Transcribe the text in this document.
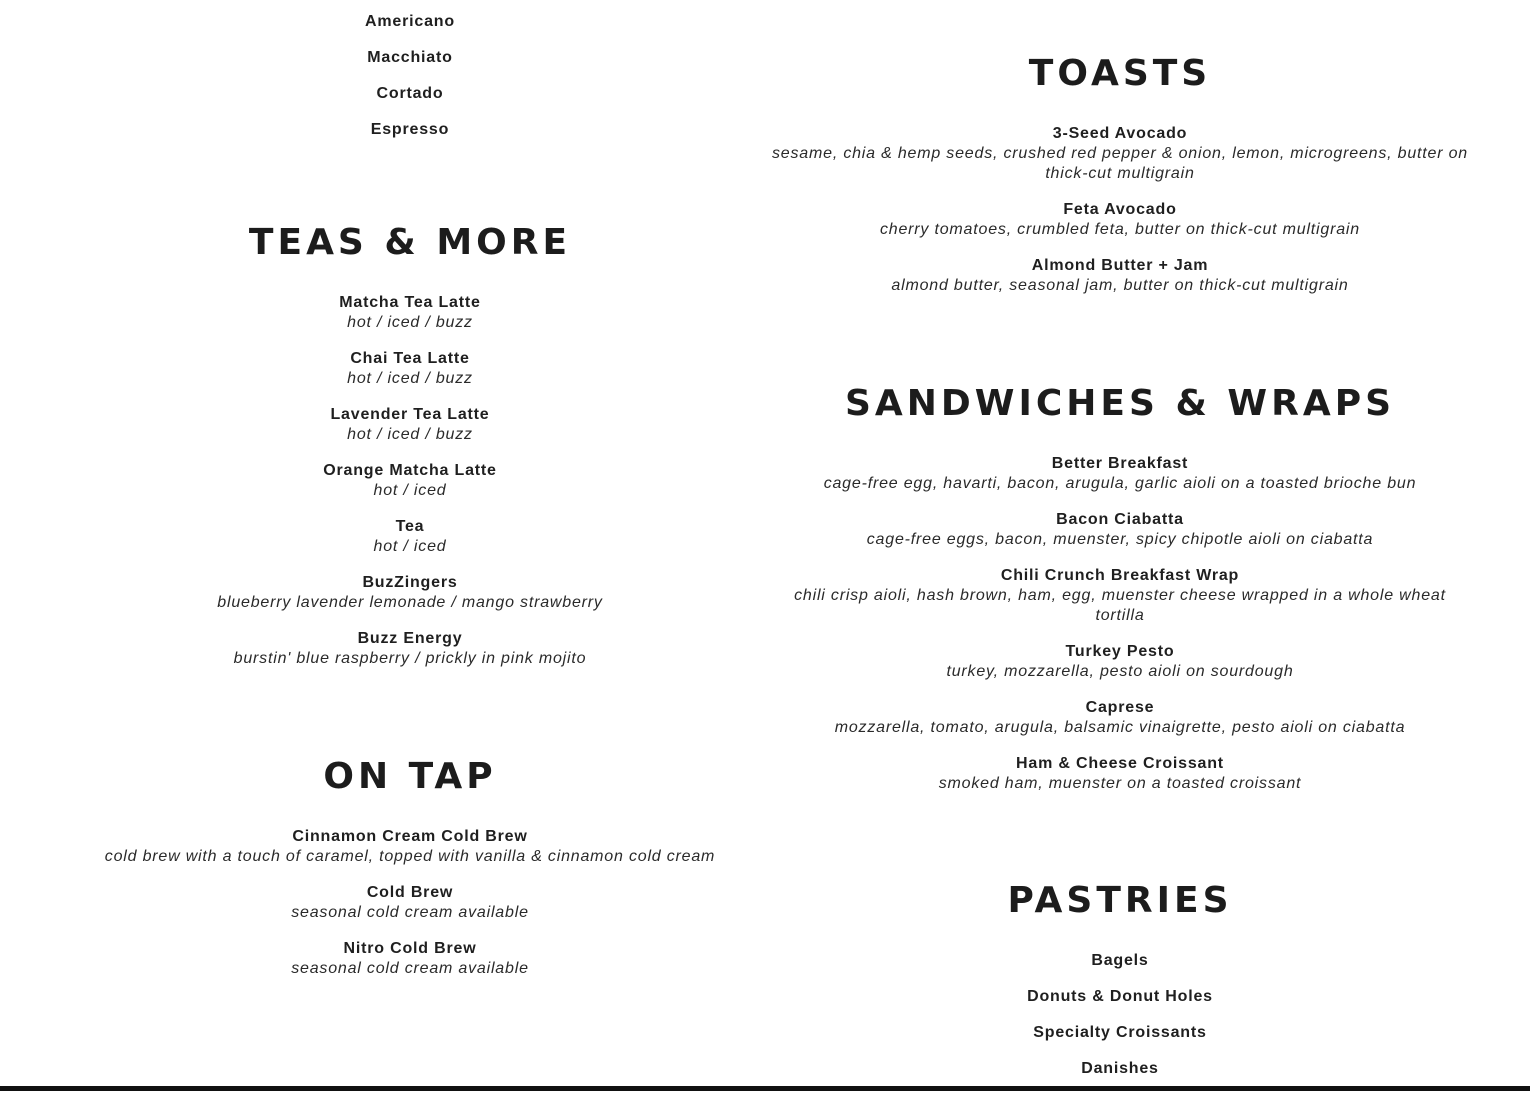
Americano
Macchiato
Cortado
Espresso
TEAS & MORE
Matcha Tea Latte
hot / iced / buzz
Chai Tea Latte
hot / iced / buzz
Lavender Tea Latte
hot / iced / buzz
Orange Matcha Latte
hot / iced
Tea
hot / iced
BuzZingers
blueberry lavender lemonade / mango strawberry
Buzz Energy
burstin' blue raspberry / prickly in pink mojito
ON TAP
Cinnamon Cream Cold Brew
cold brew with a touch of caramel, topped with vanilla & cinnamon cold cream
Cold Brew
seasonal cold cream available
Nitro Cold Brew
seasonal cold cream available
TOASTS
3-Seed Avocado
sesame, chia & hemp seeds, crushed red pepper & onion, lemon, microgreens, butter on thick-cut multigrain
Feta Avocado
cherry tomatoes, crumbled feta, butter on thick-cut multigrain
Almond Butter + Jam
almond butter, seasonal jam, butter on thick-cut multigrain
SANDWICHES & WRAPS
Better Breakfast
cage-free egg, havarti, bacon, arugula, garlic aioli on a toasted brioche bun
Bacon Ciabatta
cage-free eggs, bacon, muenster, spicy chipotle aioli on ciabatta
Chili Crunch Breakfast Wrap
chili crisp aioli, hash brown, ham, egg, muenster cheese wrapped in a whole wheat tortilla
Turkey Pesto
turkey, mozzarella, pesto aioli on sourdough
Caprese
mozzarella, tomato, arugula, balsamic vinaigrette, pesto aioli on ciabatta
Ham & Cheese Croissant
smoked ham, muenster on a toasted croissant
PASTRIES
Bagels
Donuts & Donut Holes
Specialty Croissants
Danishes
